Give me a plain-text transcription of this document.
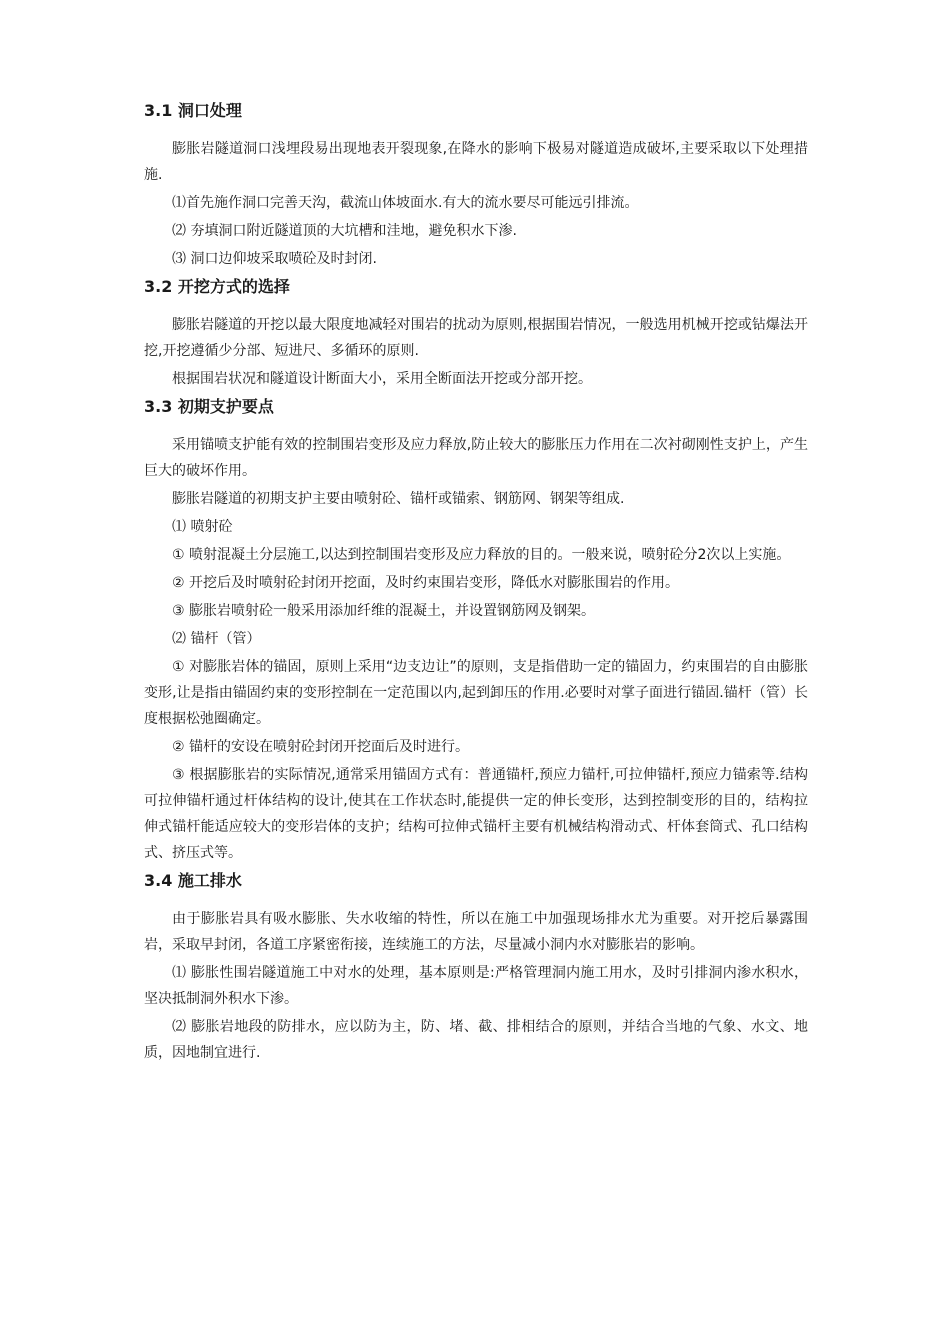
3.1 洞口处理

膨胀岩隧道洞口浅埋段易出现地表开裂现象,在降水的影响下极易对隧道造成破坏,主要采取以下处理措施.

⑴首先施作洞口完善天沟，截流山体坡面水.有大的流水要尽可能远引排流。

⑵ 夯填洞口附近隧道顶的大坑槽和洼地，避免积水下渗.

⑶ 洞口边仰坡采取喷砼及时封闭.

3.2 开挖方式的选择

膨胀岩隧道的开挖以最大限度地减轻对围岩的扰动为原则,根据围岩情况，一般选用机械开挖或钻爆法开挖,开挖遵循少分部、短进尺、多循环的原则.

根据围岩状况和隧道设计断面大小，采用全断面法开挖或分部开挖。

3.3 初期支护要点

采用锚喷支护能有效的控制围岩变形及应力释放,防止较大的膨胀压力作用在二次衬砌刚性支护上，产生巨大的破坏作用。

膨胀岩隧道的初期支护主要由喷射砼、锚杆或锚索、钢筋网、钢架等组成.

⑴ 喷射砼

① 喷射混凝土分层施工,以达到控制围岩变形及应力释放的目的。一般来说，喷射砼分2次以上实施。

② 开挖后及时喷射砼封闭开挖面，及时约束围岩变形，降低水对膨胀围岩的作用。

③ 膨胀岩喷射砼一般采用添加纤维的混凝土，并设置钢筋网及钢架。

⑵ 锚杆（管）

① 对膨胀岩体的锚固，原则上采用“边支边让”的原则，支是指借助一定的锚固力，约束围岩的自由膨胀变形,让是指由锚固约束的变形控制在一定范围以内,起到卸压的作用.必要时对掌子面进行锚固.锚杆（管）长度根据松弛圈确定。

② 锚杆的安设在喷射砼封闭开挖面后及时进行。

③ 根据膨胀岩的实际情况,通常采用锚固方式有：普通锚杆,预应力锚杆,可拉伸锚杆,预应力锚索等.结构可拉伸锚杆通过杆体结构的设计,使其在工作状态时,能提供一定的伸长变形，达到控制变形的目的，结构拉伸式锚杆能适应较大的变形岩体的支护；结构可拉伸式锚杆主要有机械结构滑动式、杆体套筒式、孔口结构式、挤压式等。

3.4 施工排水

由于膨胀岩具有吸水膨胀、失水收缩的特性，所以在施工中加强现场排水尤为重要。对开挖后暴露围岩，采取早封闭，各道工序紧密衔接，连续施工的方法，尽量减小洞内水对膨胀岩的影响。

⑴ 膨胀性围岩隧道施工中对水的处理，基本原则是:严格管理洞内施工用水，及时引排洞内渗水积水，坚决抵制洞外积水下渗。

⑵ 膨胀岩地段的防排水，应以防为主，防、堵、截、排相结合的原则，并结合当地的气象、水文、地质，因地制宜进行.
